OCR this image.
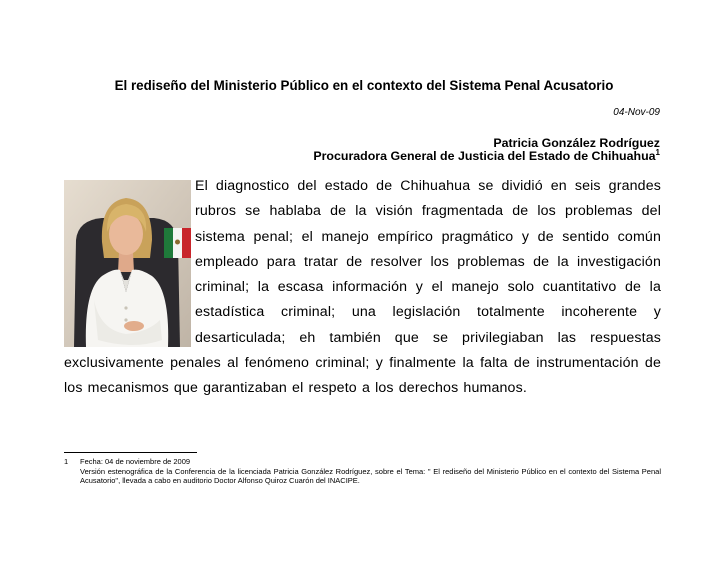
El rediseño del Ministerio Público en el contexto del Sistema Penal Acusatorio
04-Nov-09
Patricia González Rodríguez
Procuradora General de Justicia del Estado de Chihuahua$^1$

El diagnostico del estado de Chihuahua se dividió en seis grandes rubros se hablaba de la visión fragmentada de los problemas del sistema penal; el manejo empírico pragmático y de sentido común empleado para tratar de resolver los problemas de la investigación criminal; la escasa información y el manejo solo cuantitativo de la estadística criminal; una legislación totalmente incoherente y desarticulada; eh también que se privilegiaban las respuestas exclusivamente penales al fenómeno criminal; y finalmente la falta de instrumentación de los mecanismos que garantizaban el respeto a los derechos humanos.

1 Fecha: 04 de noviembre de 2009
Versión estenográfica de la Conferencia de la licenciada Patricia González Rodríguez, sobre el Tema: " El rediseño del Ministerio Público en el contexto del Sistema Penal Acusatorio", llevada a cabo en auditorio Doctor Alfonso Quiroz Cuarón del INACIPE.
